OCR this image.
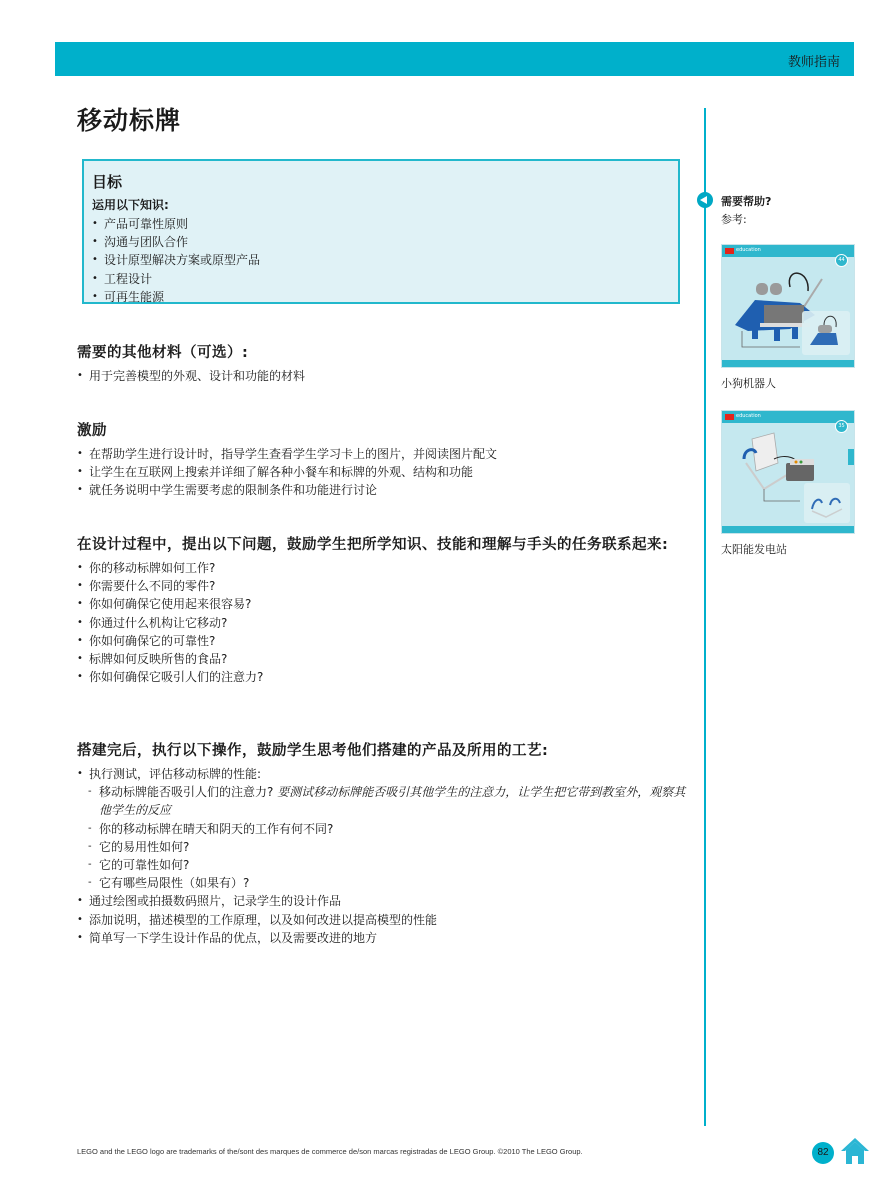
教师指南
移动标牌
目标
运用以下知识:
• 产品可靠性原则
• 沟通与团队合作
• 设计原型解决方案或原型产品
• 工程设计
• 可再生能源
需要的其他材料（可选）:
• 用于完善模型的外观、设计和功能的材料
激励
• 在帮助学生进行设计时，指导学生查看学生学习卡上的图片，并阅读图片配文
• 让学生在互联网上搜索并详细了解各种小餐车和标牌的外观、结构和功能
• 就任务说明中学生需要考虑的限制条件和功能进行讨论
在设计过程中，提出以下问题，鼓励学生把所学知识、技能和理解与手头的任务联系起来:
• 你的移动标牌如何工作?
• 你需要什么不同的零件?
• 你如何确保它使用起来很容易?
• 你通过什么机构让它移动?
• 你如何确保它的可靠性?
• 标牌如何反映所售的食品?
• 你如何确保它吸引人们的注意力?
搭建完后，执行以下操作，鼓励学生思考他们搭建的产品及所用的工艺:
• 执行测试，评估移动标牌的性能:
- 移动标牌能否吸引人们的注意力? 要测试移动标牌能否吸引其他学生的注意力，让学生把它带到教室外，观察其他学生的反应
- 你的移动标牌在晴天和阴天的工作有何不同?
- 它的易用性如何?
- 它的可靠性如何?
- 它有哪些局限性（如果有）?
• 通过绘图或拍摄数码照片，记录学生的设计作品
• 添加说明，描述模型的工作原理，以及如何改进以提高模型的性能
• 简单写一下学生设计作品的优点，以及需要改进的地方
需要帮助?
参考:
education
44
小狗机器人
education
35
太阳能发电站
LEGO and the LEGO logo are trademarks of the/sont des marques de commerce de/son marcas registradas de LEGO Group. ©2010 The LEGO Group.	82
